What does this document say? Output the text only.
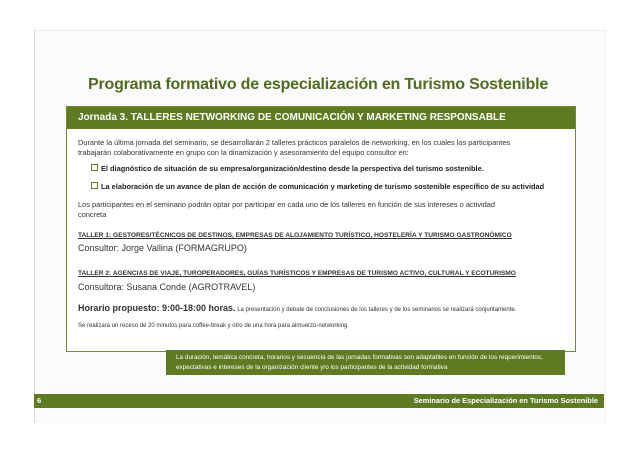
Programa formativo de especialización en Turismo Sostenible
Jornada 3. TALLERES NETWORKING DE COMUNICACIÓN Y MARKETING RESPONSABLE
Durante la última jornada del seminario, se desarrollarán 2 talleres prácticos paralelos de networking, en los cuales los participantes
trabajarán colaborativamente en grupo con la dinamización y asesoramiento del equipo consultor en:
El diagnóstico de situación de su empresa/organización/destino desde la perspectiva del turismo sostenible.
La elaboración de un avance de plan de acción de comunicación y marketing de turismo sostenible específico de su actividad
Los participantes en el seminario podrán optar por participar en cada uno de los talleres en función de sus intereses o actividad
concreta
TALLER 1: GESTORES/TÉCNICOS DE DESTINOS, EMPRESAS DE ALOJAMIENTO TURÍSTICO, HOSTELERÍA Y TURISMO GASTRONÓMICO
Consultor: Jorge Vallina (FORMAGRUPO)
TALLER 2: AGENCIAS DE VIAJE, TUROPERADORES, GUÍAS TURÍSTICOS Y EMPRESAS DE TURISMO ACTIVO, CULTURAL Y ECOTURISMO
Consultora: Susana Conde (AGROTRAVEL)
Horario propuesto: 9:00-18:00 horas. La presentación y debate de conclusiones de los talleres y de los seminarios se realizará conjuntamente.
Se realizará un receso de 20 minutos para coffee-break y otro de una hora para almuerzo-networking
La duración, temática concreta, horarios y secuencia de las jornadas formativas son adaptables en función de los requerimientos, expectativas e intereses de la organización cliente y/o los participantes de la actividad formativa
6	Seminario de Especialización en Turismo Sostenible
